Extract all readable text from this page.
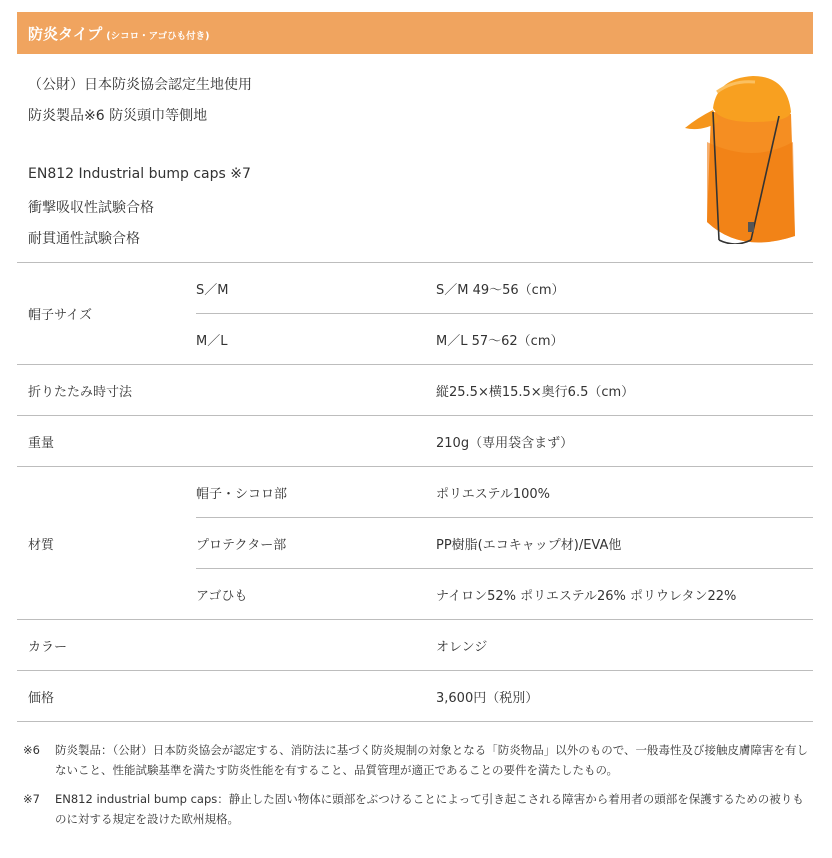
防炎タイプ (シコロ・アゴひも付き)
（公財）日本防炎協会認定生地使用
防炎製品※6 防災頭巾等側地
EN812 Industrial bump caps ※7
衝撃吸収性試験合格
耐貫通性試験合格
帽子サイズ	S／M	S／M 49～56（cm）
	M／L	M／L 57～62（cm）
折りたたみ時寸法		縦25.5×横15.5×奥行6.5（cm）
重量		210g（専用袋含まず）
材質	帽子・シコロ部	ポリエステル100%
	プロテクター部	PP樹脂(エコキャップ材)/EVA他
	アゴひも	ナイロン52% ポリエステル26% ポリウレタン22%
カラー		オレンジ
価格		3,600円（税別）
※6 防炎製品：（公財）日本防炎協会が認定する、消防法に基づく防炎規制の対象となる「防炎物品」以外のもので、一般毒性及び接触皮膚障害を有しないこと、性能試験基準を満たす防炎性能を有すること、品質管理が適正であることの要件を満たしたもの。
※7 EN812 industrial bump caps：静止した固い物体に頭部をぶつけることによって引き起こされる障害から着用者の頭部を保護するための被りものに対する規定を設けた欧州規格。
